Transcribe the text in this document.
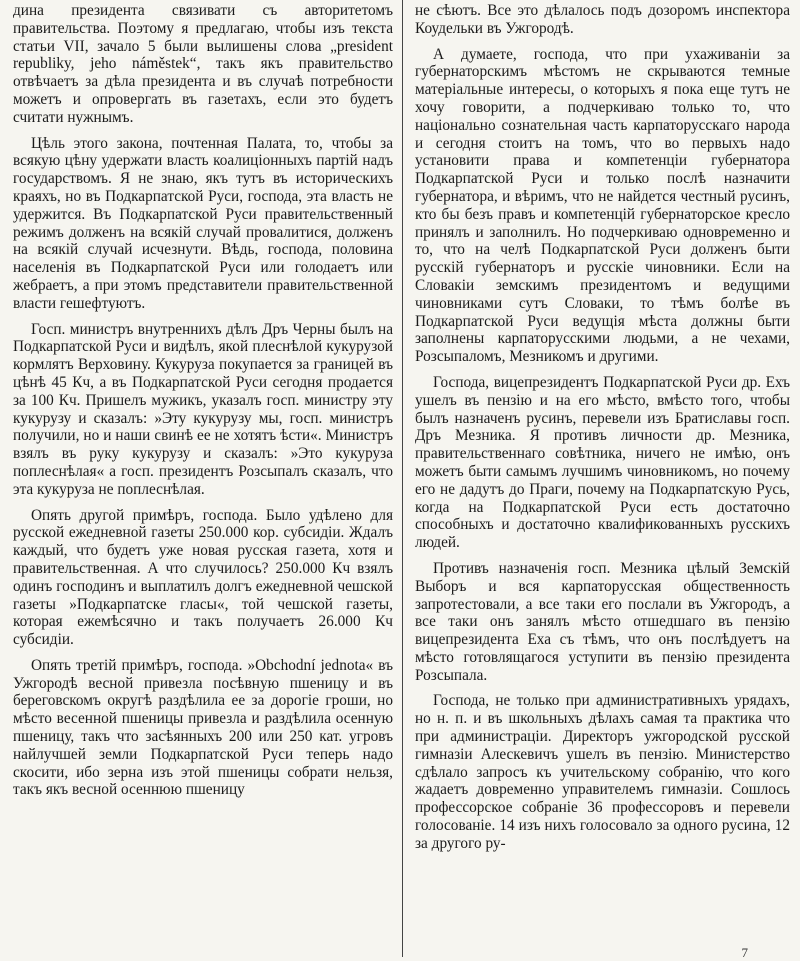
дина президента связивати съ авторитетомъ правительства. Поэтому я предлагаю, чтобы изъ текста статьи VII, зачало 5 были вылишены слова „president republiky, jeho náměstek“, такъ якъ правительство отвѣчаетъ за дѣла президента и въ случаѣ потребности можетъ и опровергать въ газетахъ, если это будетъ считати нужнымъ.

Цѣль этого закона, почтенная Палата, то, чтобы за всякую цѣну удержати власть коалиціонныхъ партій надъ государствомъ. Я не знаю, якъ тутъ въ историческихъ краяхъ, но въ Подкарпатской Руси, господа, эта власть не удержится. Въ Подкарпатской Руси правительственный режимъ долженъ на всякій случай провалитися, долженъ на всякій случай исчезнути. Вѣдь, господа, половина населенія въ Подкарпатской Руси или голодаетъ или жебраетъ, а при этомъ представители правительственной власти гешефтуютъ.

Госп. министръ внутреннихъ дѣлъ Дръ Черны былъ на Подкарпатской Руси и видѣлъ, якой плеснѣлой кукурузой кормлятъ Верховину. Кукуруза покупается за границей въ цѣнѣ 45 Кч, а въ Подкарпатской Руси сегодня продается за 100 Кч. Пришелъ мужикъ, указалъ госп. министру эту кукурузу и сказалъ: »Эту кукурузу мы, госп. министръ получили, но и наши свинѣ ее не хотятъ ѣсти«. Министръ взялъ въ руку кукурузу и сказалъ: »Это кукуруза поплеснѣлая« а госп. президентъ Розсыпалъ сказалъ, что эта кукуруза не поплеснѣлая.

Опять другой примѣръ, господа. Было удѣлено для русской ежедневной газеты 250.000 кор. субсидіи. Ждалъ каждый, что будетъ уже новая русская газета, хотя и правительственная. А что случилось? 250.000 Кч взялъ одинъ господинъ и выплатилъ долгъ ежедневной чешской газеты »Подкарпатске гласы«, той чешской газеты, которая ежемѣсячно и такъ получаетъ 26.000 Кч субсидіи.

Опять третій примѣръ, господа. »Obchodní jednota« въ Ужгородѣ весной привезла посѣвную пшеницу и въ береговскомъ округѣ раздѣлила ее за дорогіе гроши, но мѣсто весенной пшеницы привезла и раздѣлила осенную пшеницу, такъ что засѣянныхъ 200 или 250 кат. угровъ найлучшей земли Подкарпатской Руси теперь надо скосити, ибо зерна изъ этой пшеницы собрати нельзя, такъ якъ весной осеннюю пшеницу

не сѣютъ. Все это дѣлалось подъ дозоромъ инспектора Коудельки въ Ужгородѣ.

А думаете, господа, что при ухаживаніи за губернаторскимъ мѣстомъ не скрываются темные матеріальные интересы, о которыхъ я пока еще тутъ не хочу говорити, а подчеркиваю только то, что національно сознательная часть карпаторусскаго народа и сегодня стоитъ на томъ, что во первыхъ надо установити права и компетенціи губернатора Подкарпатской Руси и только послѣ назначити губернатора, и вѣримъ, что не найдется честный русинъ, кто бы безъ правъ и компетенцій губернаторское кресло принялъ и заполнилъ. Но подчеркиваю одновременно и то, что на челѣ Подкарпатской Руси долженъ быти русскій губернаторъ и русскіе чиновники. Если на Словакіи земскимъ президентомъ и ведущими чиновниками сутъ Словаки, то тѣмъ болѣе въ Подкарпатской Руси ведущія мѣста должны быти заполнены карпаторусскими людьми, а не чехами, Розсыпаломъ, Мезникомъ и другими.

Господа, вицепрезидентъ Подкарпатской Руси др. Ехъ ушелъ въ пензію и на его мѣсто, вмѣсто того, чтобы былъ назначенъ русинъ, перевели изъ Братиславы госп. Дръ Мезника. Я противъ личности др. Мезника, правительственнаго совѣтника, ничего не имѣю, онъ можетъ быти самымъ лучшимъ чиновникомъ, но почему его не дадутъ до Праги, почему на Подкарпатскую Русь, когда на Подкарпатской Руси есть достаточно способныхъ и достаточно квалификованныхъ русскихъ людей.

Противъ назначенія госп. Мезника цѣлый Земскій Выборъ и вся карпаторусская общественность запротестовали, а все таки его послали въ Ужгородъ, а все таки онъ занялъ мѣсто отшедшаго въ пензію вицепрезидента Еха съ тѣмъ, что онъ послѣдуетъ на мѣсто готовлящагося уступити въ пензію президента Розсыпала.

Господа, не только при административныхъ урядахъ, но н. п. и въ школьныхъ дѣлахъ самая та практика что при администраціи. Директоръ ужгородской русской гимназіи Алескевичъ ушелъ въ пензію. Министерство сдѣлало запросъ къ учительскому собранію, что кого жадаетъ довременно управителемъ гимназіи. Сошлось профессорское собраніе 36 профессоровъ и перевели голосованіе. 14 изъ нихъ голосовало за одного русина, 12 за другого ру-

7
